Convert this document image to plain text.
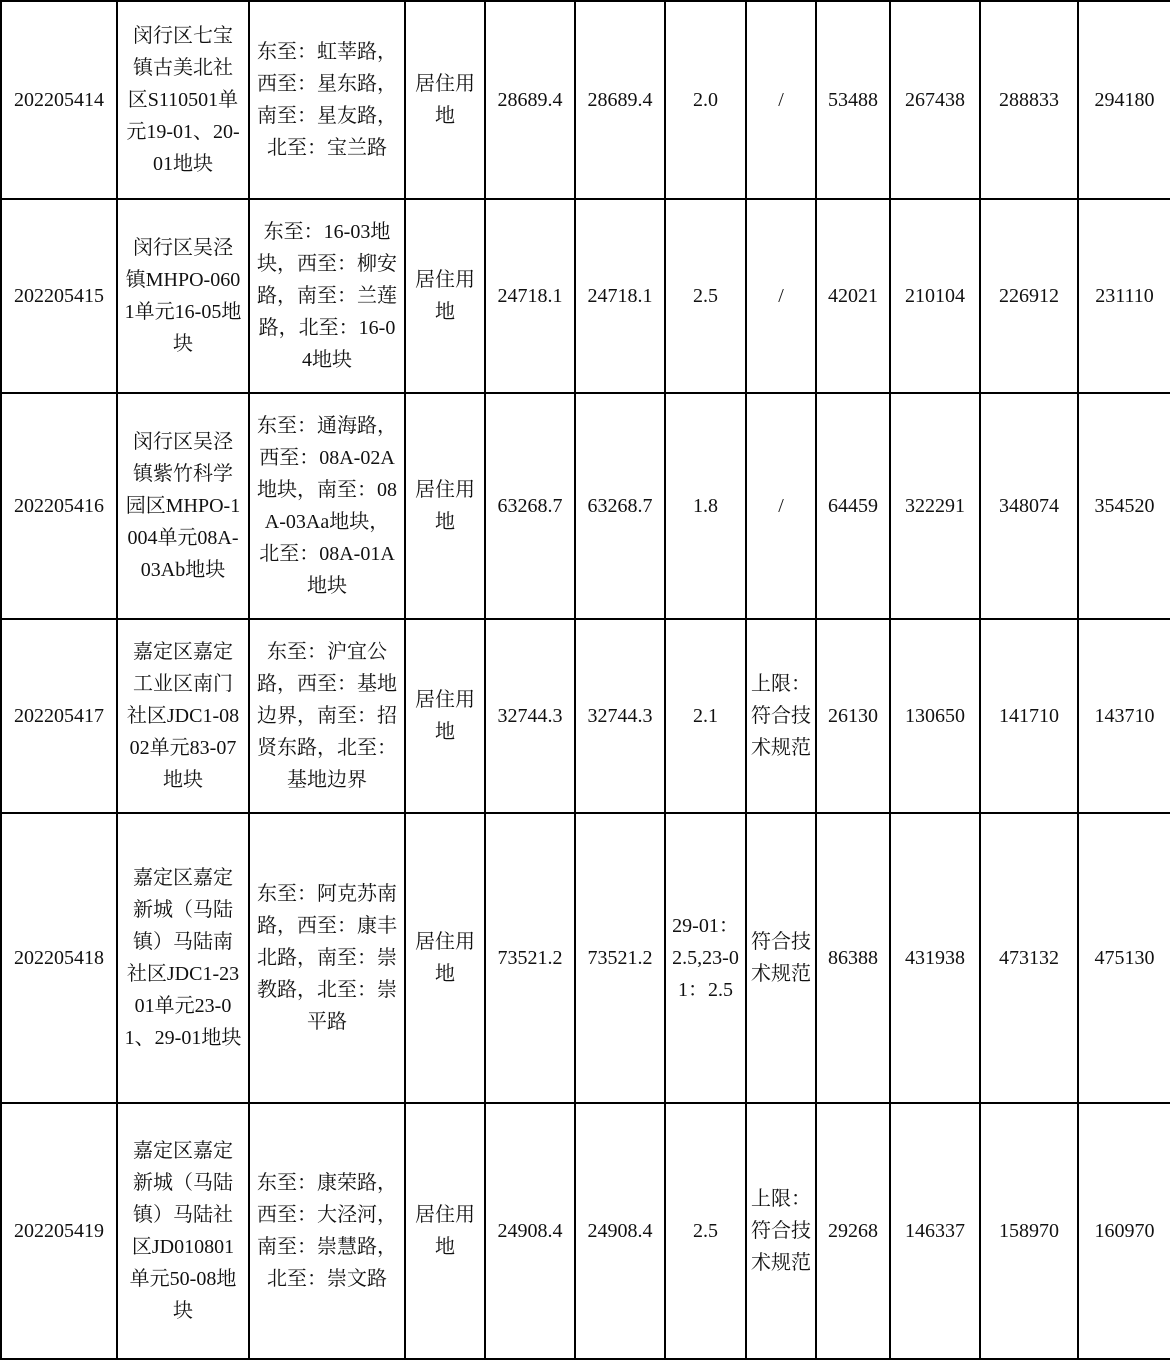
202205414	闵行区七宝镇古美北社区S110501单元19-01、20-01地块	东至：虹莘路，西至：星东路，南至：星友路，北至：宝兰路	居住用地	28689.4	28689.4	2.0	/	53488	267438	288833	294180

202205415	闵行区吴泾镇MHPO-0601单元16-05地块	东至：16-03地块，西至：柳安路，南至：兰莲路，北至：16-04地块	居住用地	24718.1	24718.1	2.5	/	42021	210104	226912	231110

202205416	闵行区吴泾镇紫竹科学园区MHPO-1004单元08A-03Ab地块	东至：通海路，西至：08A-02A地块，南至：08A-03Aa地块，北至：08A-01A地块	居住用地	63268.7	63268.7	1.8	/	64459	322291	348074	354520

202205417	嘉定区嘉定工业区南门社区JDC1-0802单元83-07地块	东至：沪宜公路，西至：基地边界，南至：招贤东路，北至：基地边界	居住用地	32744.3	32744.3	2.1	上限：符合技术规范	26130	130650	141710	143710

202205418	嘉定区嘉定新城（马陆镇）马陆南社区JDC1-2301单元23-01、29-01地块	东至：阿克苏南路，西至：康丰北路，南至：崇教路，北至：崇平路	居住用地	73521.2	73521.2	29-01：2.5,23-01：2.5	符合技术规范	86388	431938	473132	475130

202205419	嘉定区嘉定新城（马陆镇）马陆社区JD010801单元50-08地块	东至：康荣路，西至：大泾河，南至：崇慧路，北至：崇文路	居住用地	24908.4	24908.4	2.5	上限：符合技术规范	29268	146337	158970	160970
